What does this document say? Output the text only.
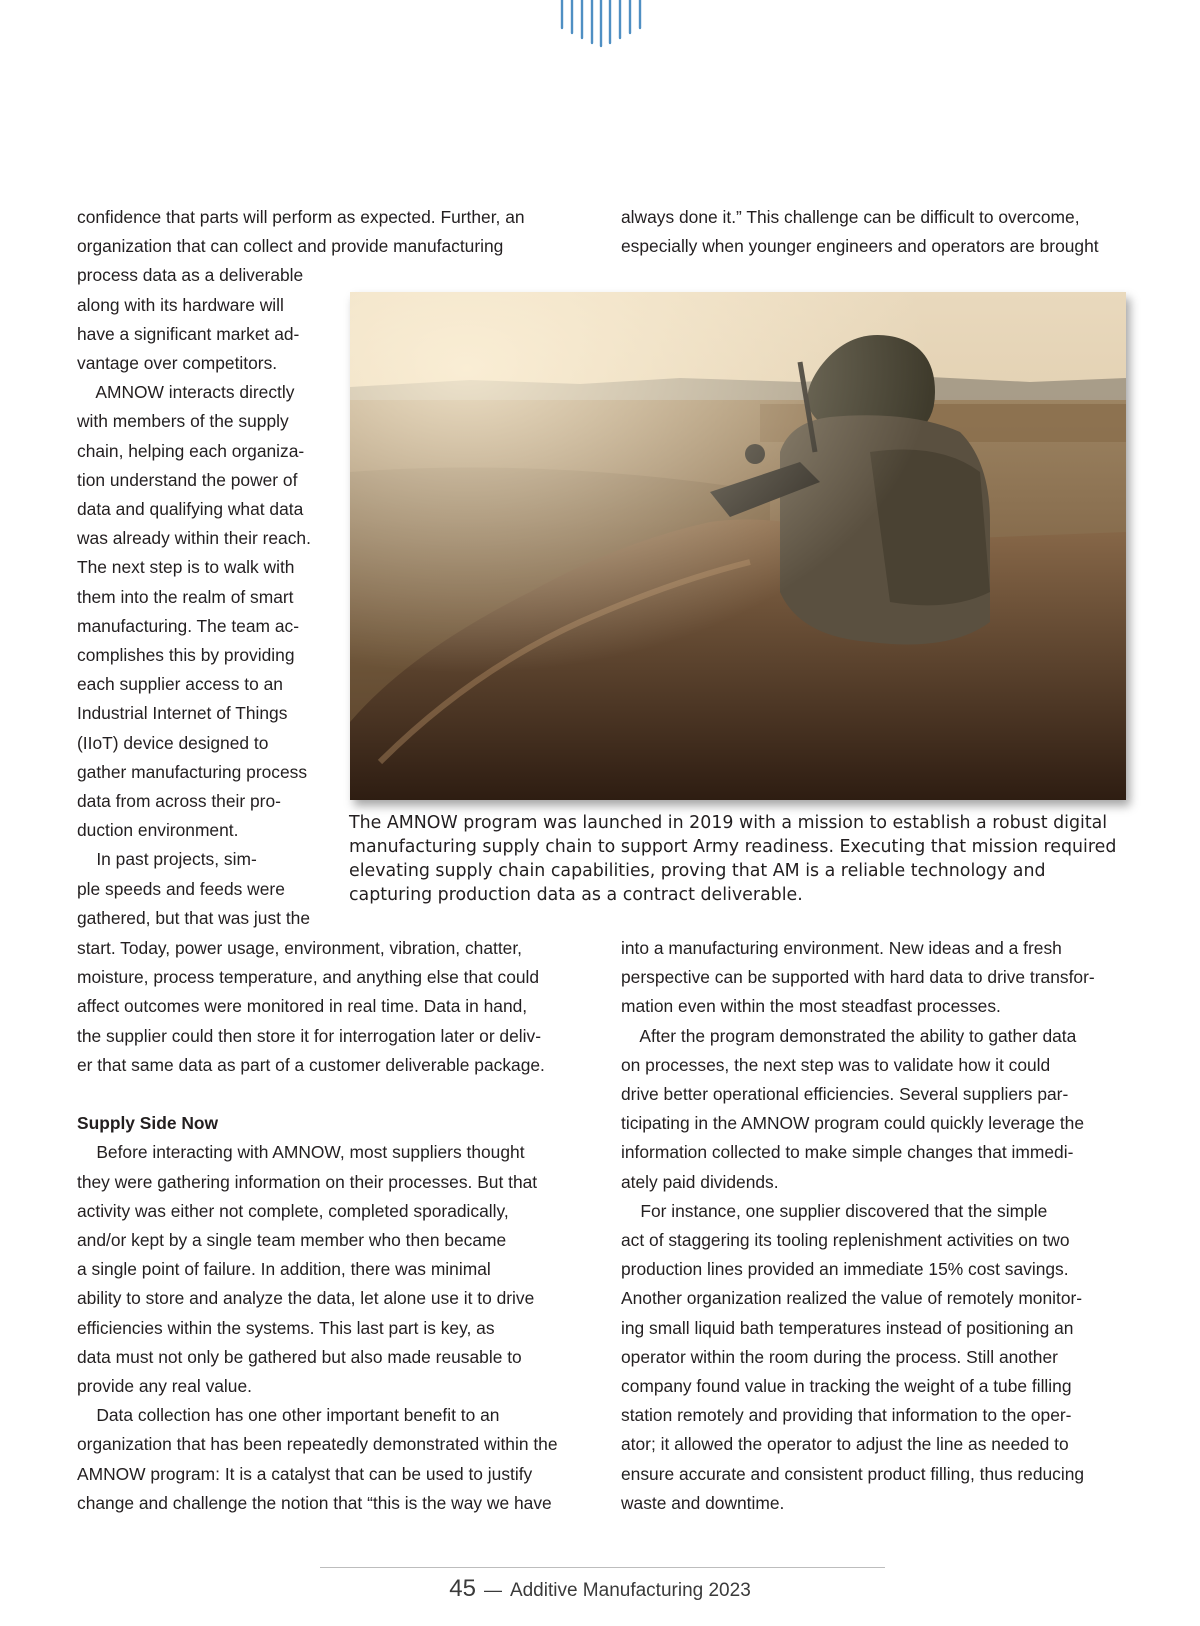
confidence that parts will perform as expected. Further, an
organization that can collect and provide manufacturing
process data as a deliverable
along with its hardware will
have a significant market ad-
vantage over competitors.
AMNOW interacts directly
with members of the supply
chain, helping each organiza-
tion understand the power of
data and qualifying what data
was already within their reach.
The next step is to walk with
them into the realm of smart
manufacturing. The team ac-
complishes this by providing
each supplier access to an
Industrial Internet of Things
(IIoT) device designed to
gather manufacturing process
data from across their pro-
duction environment.
In past projects, sim-
ple speeds and feeds were
gathered, but that was just the
start. Today, power usage, environment, vibration, chatter,
moisture, process temperature, and anything else that could
affect outcomes were monitored in real time. Data in hand,
the supplier could then store it for interrogation later or deliv-
er that same data as part of a customer deliverable package.
Supply Side Now
Before interacting with AMNOW, most suppliers thought
they were gathering information on their processes. But that
activity was either not complete, completed sporadically,
and/or kept by a single team member who then became
a single point of failure. In addition, there was minimal
ability to store and analyze the data, let alone use it to drive
efficiencies within the systems. This last part is key, as
data must not only be gathered but also made reusable to
provide any real value.
Data collection has one other important benefit to an
organization that has been repeatedly demonstrated within the
AMNOW program: It is a catalyst that can be used to justify
change and challenge the notion that “this is the way we have
always done it.” This challenge can be difficult to overcome,
especially when younger engineers and operators are brought
into a manufacturing environment. New ideas and a fresh
perspective can be supported with hard data to drive transfor-
mation even within the most steadfast processes.
After the program demonstrated the ability to gather data
on processes, the next step was to validate how it could
drive better operational efficiencies. Several suppliers par-
ticipating in the AMNOW program could quickly leverage the
information collected to make simple changes that immedi-
ately paid dividends.
For instance, one supplier discovered that the simple
act of staggering its tooling replenishment activities on two
production lines provided an immediate 15% cost savings.
Another organization realized the value of remotely monitor-
ing small liquid bath temperatures instead of positioning an
operator within the room during the process. Still another
company found value in tracking the weight of a tube filling
station remotely and providing that information to the oper-
ator; it allowed the operator to adjust the line as needed to
ensure accurate and consistent product filling, thus reducing
waste and downtime.
The AMNOW program was launched in 2019 with a mission to establish a robust digital
manufacturing supply chain to support Army readiness. Executing that mission required
elevating supply chain capabilities, proving that AM is a reliable technology and
capturing production data as a contract deliverable.
45 — Additive Manufacturing 2023
